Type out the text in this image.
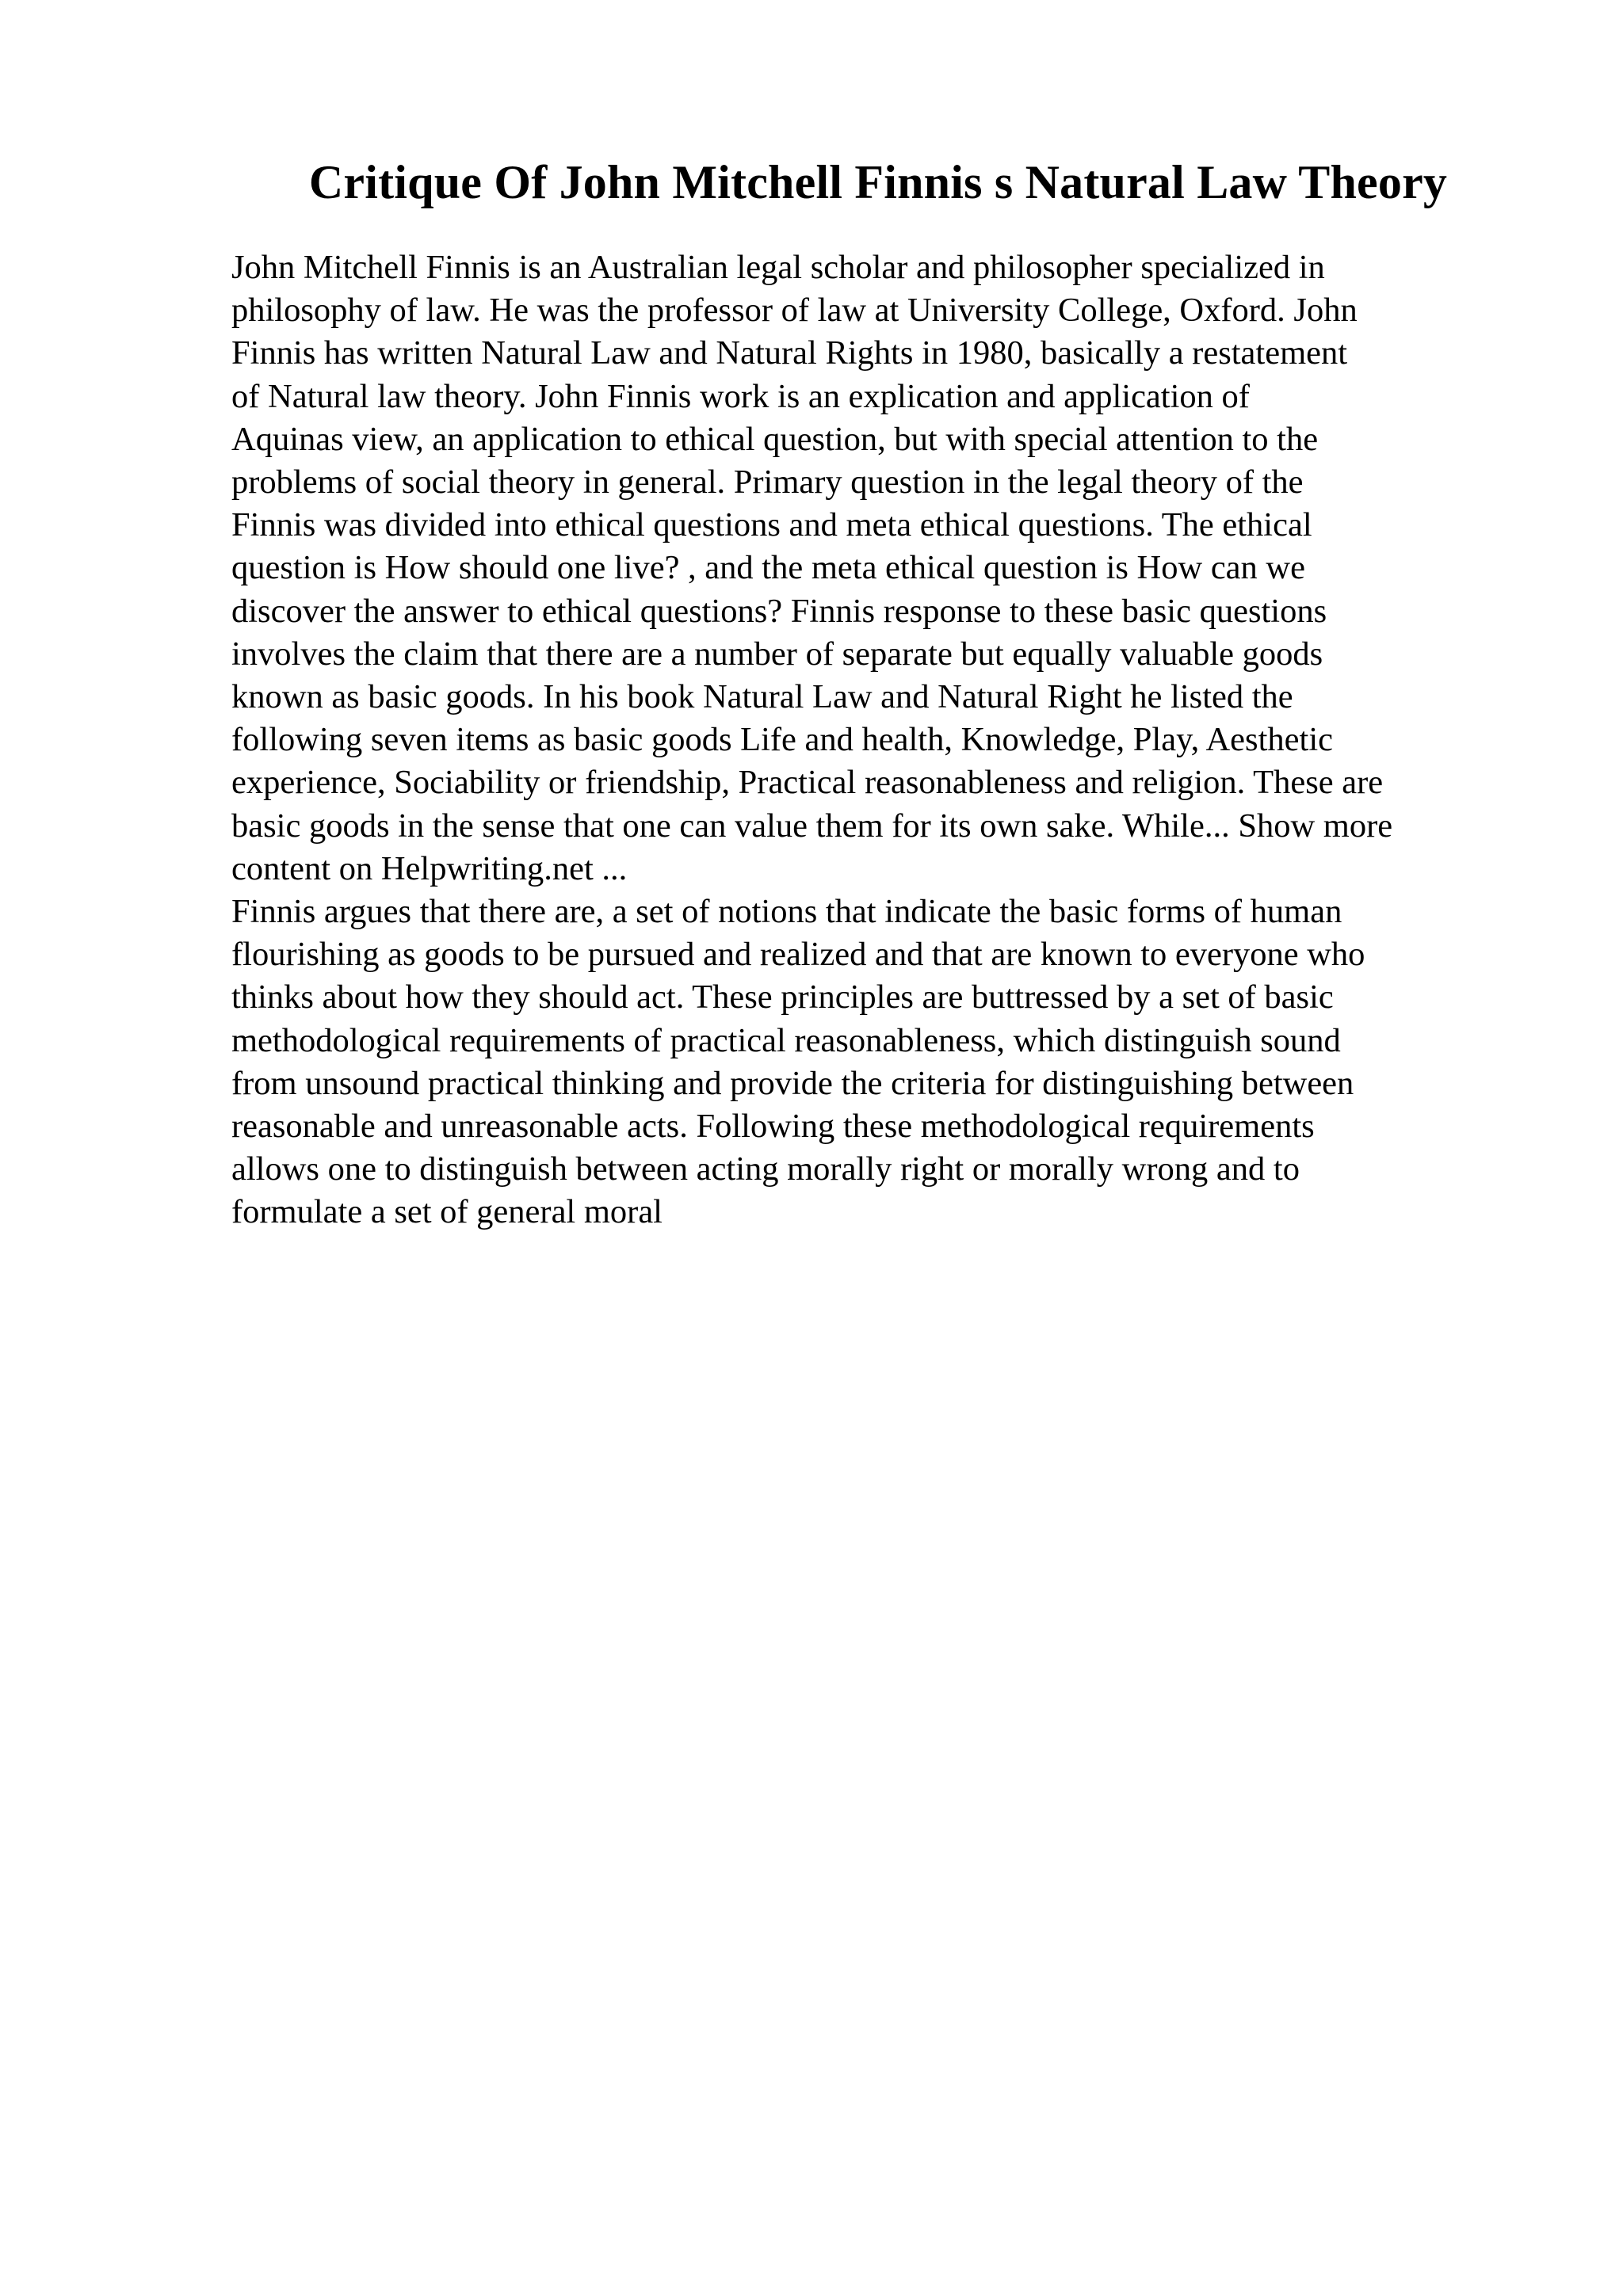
Critique Of John Mitchell Finnis s Natural Law Theory
John Mitchell Finnis is an Australian legal scholar and philosopher specialized in
philosophy of law. He was the professor of law at University College, Oxford. John
Finnis has written Natural Law and Natural Rights in 1980, basically a restatement
of Natural law theory. John Finnis work is an explication and application of
Aquinas view, an application to ethical question, but with special attention to the
problems of social theory in general. Primary question in the legal theory of the
Finnis was divided into ethical questions and meta ethical questions. The ethical
question is How should one live? , and the meta ethical question is How can we
discover the answer to ethical questions? Finnis response to these basic questions
involves the claim that there are a number of separate but equally valuable goods
known as basic goods. In his book Natural Law and Natural Right he listed the
following seven items as basic goods Life and health, Knowledge, Play, Aesthetic
experience, Sociability or friendship, Practical reasonableness and religion. These are
basic goods in the sense that one can value them for its own sake. While... Show more
content on Helpwriting.net ...
Finnis argues that there are, a set of notions that indicate the basic forms of human
flourishing as goods to be pursued and realized and that are known to everyone who
thinks about how they should act. These principles are buttressed by a set of basic
methodological requirements of practical reasonableness, which distinguish sound
from unsound practical thinking and provide the criteria for distinguishing between
reasonable and unreasonable acts. Following these methodological requirements
allows one to distinguish between acting morally right or morally wrong and to
formulate a set of general moral
